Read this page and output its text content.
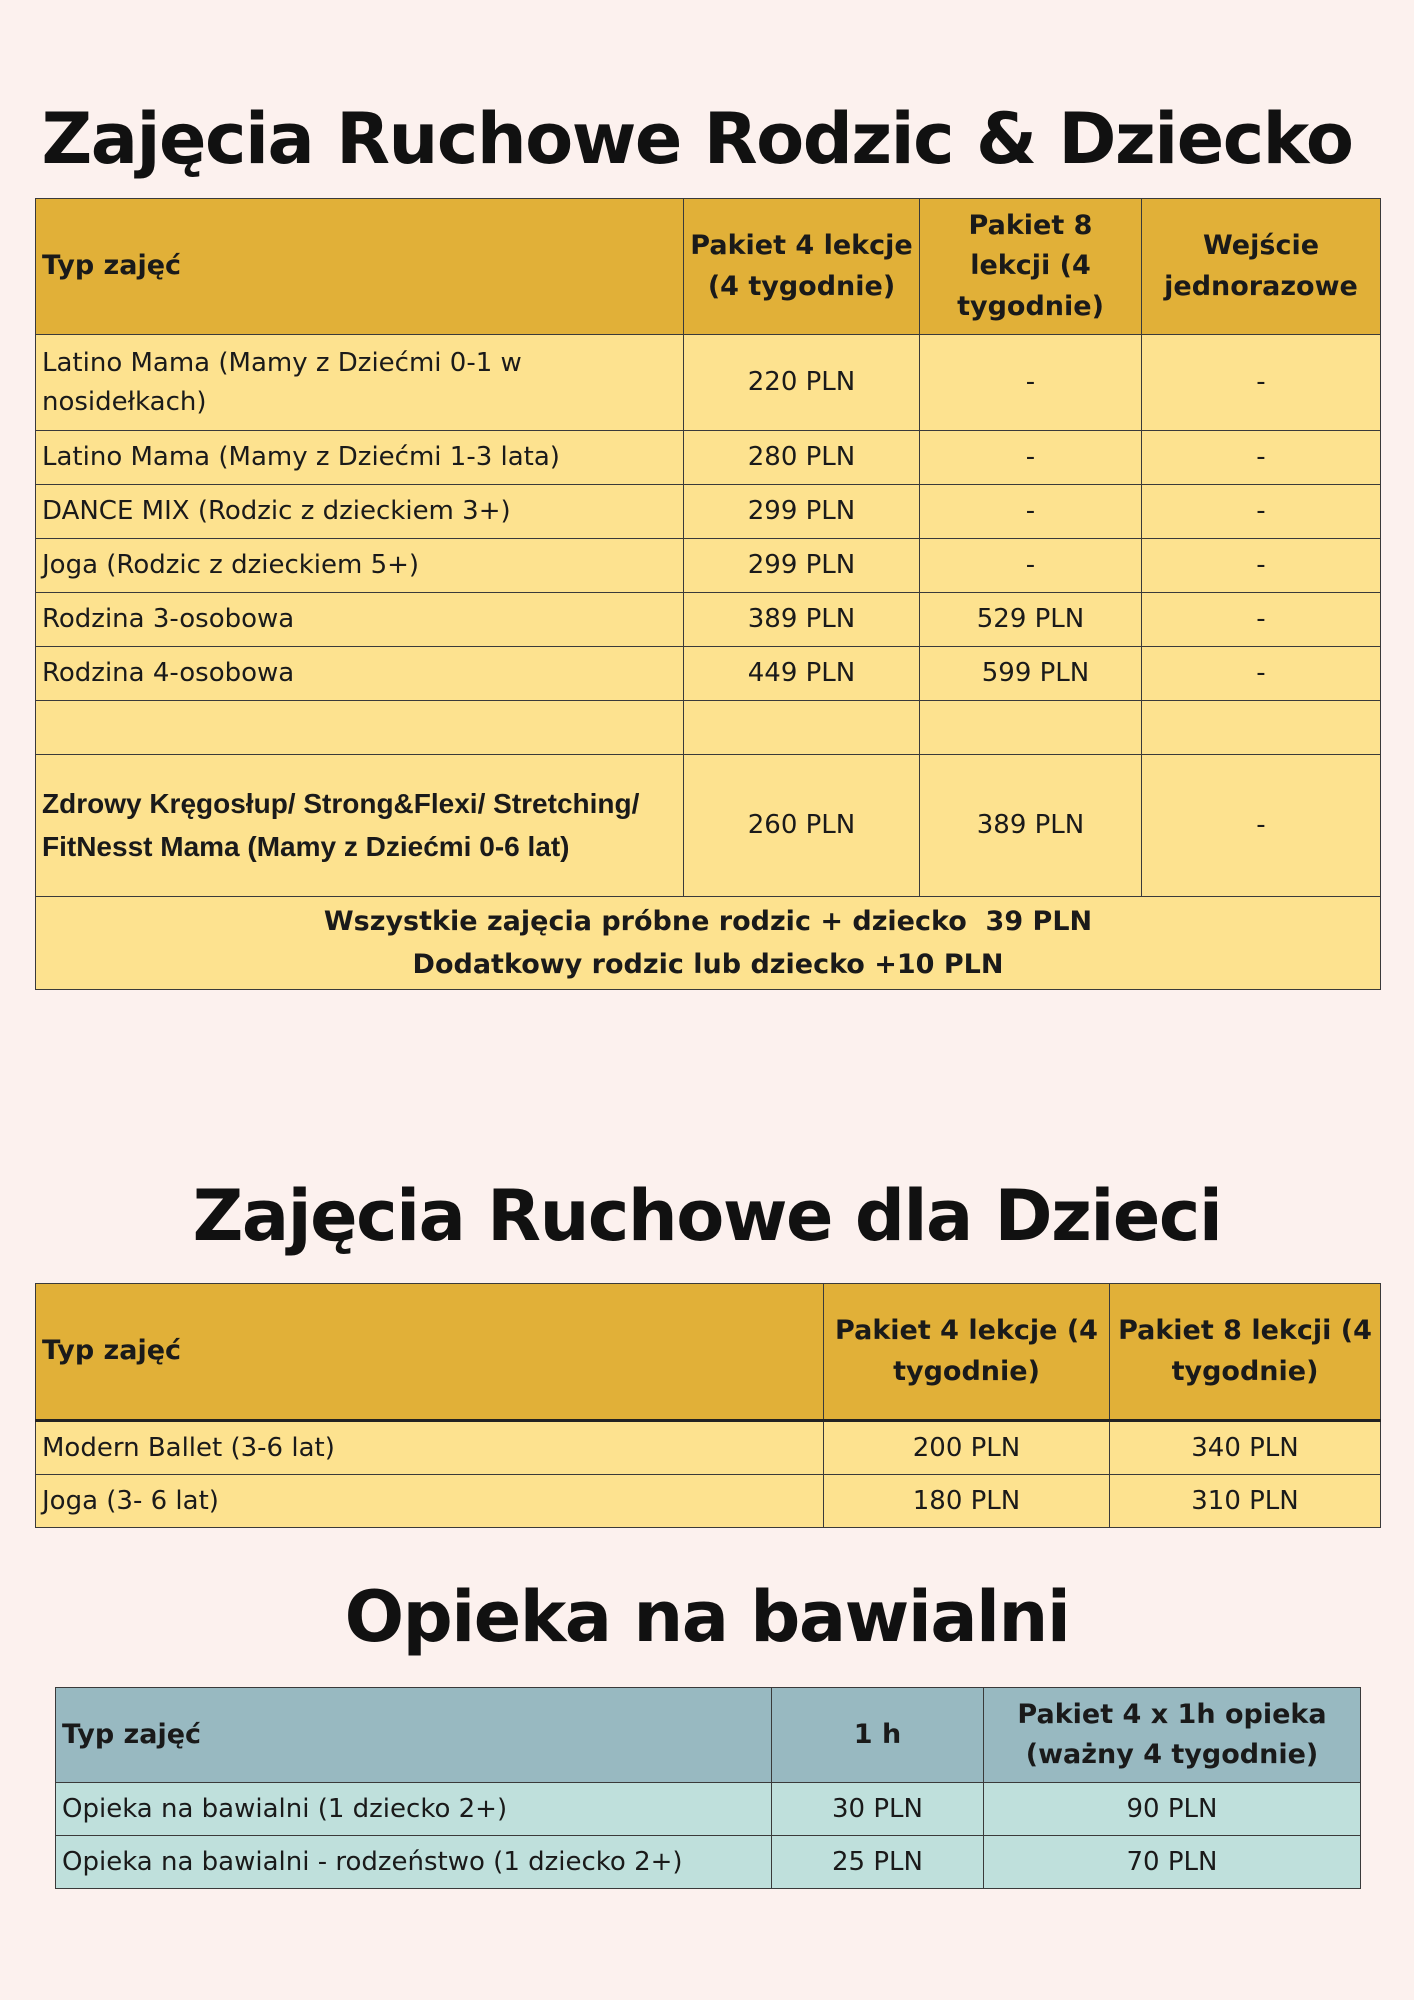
Zajęcia Ruchowe Rodzic & Dziecko
Typ zajęć	Pakiet 4 lekcje (4 tygodnie)	Pakiet 8 lekcji (4 tygodnie)	Wejście jednorazowe
Latino Mama (Mamy z Dziećmi 0-1 w nosidełkach)	220 PLN	-	-
Latino Mama (Mamy z Dziećmi 1-3 lata)	280 PLN	-	-
DANCE MIX (Rodzic z dzieckiem 3+)	299 PLN	-	-
Joga (Rodzic z dzieckiem 5+)	299 PLN	-	-
Rodzina 3-osobowa	389 PLN	529 PLN	-
Rodzina 4-osobowa	449 PLN	599 PLN	-

Zdrowy Kręgosłup/ Strong&Flexi/ Stretching/ FitNesst Mama (Mamy z Dziećmi 0-6 lat)	260 PLN	389 PLN	-

Wszystkie zajęcia próbne rodzic + dziecko  39 PLN
Dodatkowy rodzic lub dziecko +10 PLN			
Zajęcia Ruchowe dla Dzieci
Typ zajęć	Pakiet 4 lekcje (4 tygodnie)	Pakiet 8 lekcji (4 tygodnie)
Modern Ballet (3-6 lat)	200 PLN	340 PLN
Joga (3- 6 lat)	180 PLN	310 PLN
Opieka na bawialni
Typ zajęć	1 h	Pakiet 4 x 1h opieka (ważny 4 tygodnie)
Opieka na bawialni (1 dziecko 2+)	30 PLN	90 PLN
Opieka na bawialni - rodzeństwo (1 dziecko 2+)	25 PLN	70 PLN
